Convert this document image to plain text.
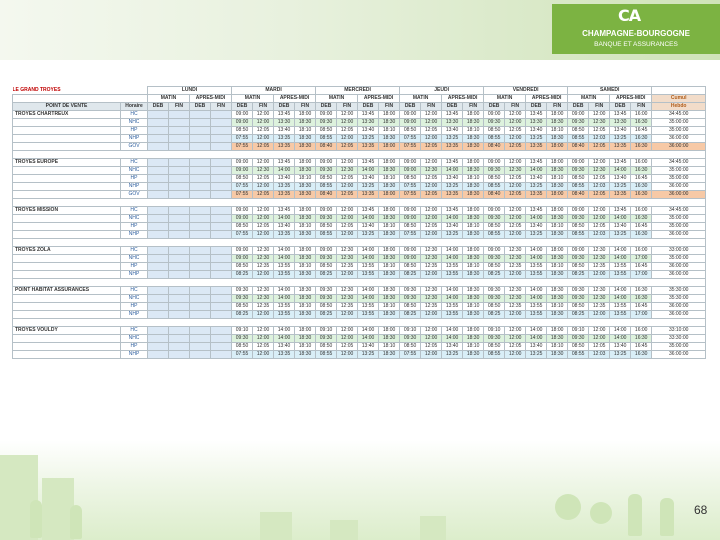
CA
CHAMPAGNE-BOURGOGNE
BANQUE ET ASSURANCES
68
LE GRAND TROYES		LUNDI				MARDI				MERCREDI				JEUDI				VENDREDI				SAMEDI				
		MATIN		APRES-MIDI		MATIN		APRES-MIDI		MATIN		APRES-MIDI		MATIN		APRES-MIDI		MATIN		APRES-MIDI		MATIN		APRES-MIDI		Cumul
POINT DE VENTE	Horaire	DEB	FIN	DEB	FIN	DEB	FIN	DEB	FIN	DEB	FIN	DEB	FIN	DEB	FIN	DEB	FIN	DEB	FIN	DEB	FIN	DEB	FIN	DEB	FIN	Hebdo
TROYES CHARTREUX	HC					09:00	12:00	13:45	18:00	09:00	12:00	13:45	18:00	09:00	12:00	13:45	18:00	09:00	12:00	13:45	18:00	09:00	12:00	13:45	16:00	34:45:00
	NHC					09:00	12:00	13:30	18:30	09:30	12:00	13:30	18:30	09:00	12:00	13:30	18:30	09:30	12:00	13:30	18:30	09:30	12:30	13:30	16:30	35:00:00
	HP					08:50	12:05	13:40	18:10	08:50	12:05	13:40	18:10	08:50	12:05	13:40	18:10	08:50	12:05	13:40	18:10	08:50	12:05	13:40	16:45	35:00:00
	NHP					07:55	12:00	13:35	18:30	08:55	12:00	13:25	18:30	07:55	12:00	13:25	18:30	08:55	12:00	13:25	18:30	08:55	12:03	13:25	16:30	36:00:00
	GOV					07:55	12:05	13:35	18:30	08:40	12:05	13:35	18:00	07:55	12:05	13:35	18:30	08:40	12:05	13:35	18:00	08:40	12:05	13:35	16:30	36:00:00

TROYES EUROPE	HC					09:00	12:00	13:45	18:00	09:00	12:00	13:45	18:00	09:00	12:00	13:45	18:00	09:00	12:00	13:45	18:00	09:00	12:00	13:45	16:00	34:45:00
	NHC					09:00	12:30	14:00	18:30	09:30	12:30	14:00	18:30	09:00	12:30	14:00	18:30	09:30	12:30	14:00	18:30	09:30	12:30	14:00	16:30	35:00:00
	HP					08:50	12:05	13:40	18:10	08:50	12:05	13:40	18:10	08:50	12:05	13:40	18:10	08:50	12:05	13:40	18:10	08:50	12:05	13:40	16:45	35:00:00
	NHP					07:55	12:00	13:35	18:30	08:55	12:00	13:25	18:30	07:55	12:00	13:25	18:30	08:55	12:00	13:25	18:30	08:55	12:03	13:25	16:30	36:00:00
	GOV					07:55	12:05	13:35	18:30	08:40	12:05	13:35	18:00	07:55	12:05	13:35	18:30	08:40	12:05	13:35	18:00	08:40	12:05	13:35	16:30	36:00:00

TROYES MISSION	HC					09:00	12:00	13:45	18:00	09:00	12:00	13:45	18:00	09:00	12:00	13:45	18:00	09:00	12:00	13:45	18:00	09:00	12:00	13:45	16:00	34:45:00
	NHC					09:00	12:00	14:00	18:30	09:30	12:00	14:00	18:30	09:00	12:00	14:00	18:30	09:30	12:00	14:00	18:30	09:30	12:00	14:00	16:30	35:00:00
	HP					08:50	12:05	13:40	18:10	08:50	12:05	13:40	18:10	08:50	12:05	13:40	18:10	08:50	12:05	13:40	18:10	08:50	12:05	13:40	16:45	35:00:00
	NHP					07:55	12:00	13:35	18:30	08:55	12:00	13:25	18:30	07:55	12:00	13:25	18:30	08:55	12:00	13:25	18:30	08:55	12:03	13:25	16:30	36:00:00

TROYES ZOLA	HC					09:00	12:30	14:00	18:00	09:00	12:30	14:00	18:00	09:00	12:30	14:00	18:00	09:00	12:30	14:00	18:00	09:00	12:30	14:00	16:00	33:00:00
	NHC					09:00	12:30	14:00	18:30	09:30	12:30	14:00	18:30	09:00	12:30	14:00	18:30	09:30	12:30	14:00	18:30	09:30	12:30	14:00	17:00	35:00:00
	HP					08:50	12:35	13:55	18:10	08:50	12:35	13:55	18:10	08:50	12:35	13:55	18:10	08:50	12:35	13:55	18:10	08:50	12:35	13:55	16:45	36:00:00
	NHP					08:25	12:00	13:55	18:30	08:25	12:00	13:55	18:30	08:25	12:00	13:55	18:30	08:25	12:00	13:55	18:30	08:25	12:00	13:55	17:00	36:00:00

POINT HABITAT ASSURANCES	HC					09:30	12:30	14:00	18:30	09:30	12:30	14:00	18:30	09:30	12:30	14:00	18:30	09:30	12:30	14:00	18:30	09:30	12:30	14:00	16:30	35:30:00
	NHC					09:30	12:30	14:00	18:30	09:30	12:30	14:00	18:30	09:30	12:30	14:00	18:30	09:30	12:30	14:00	18:30	09:30	12:30	14:00	16:30	35:30:00
	HP					08:50	12:35	13:55	18:10	08:50	12:35	13:55	18:10	08:50	12:35	13:55	18:10	08:50	12:35	13:55	18:10	08:50	12:35	13:55	16:45	36:00:00
	NHP					08:25	12:00	13:55	18:30	08:25	12:00	13:55	18:30	08:25	12:00	13:55	18:30	08:25	12:00	13:55	18:30	08:25	12:00	13:55	17:00	36:00:00

TROYES VOULDY	HC					09:10	12:00	14:00	18:00	09:10	12:00	14:00	18:00	09:10	12:00	14:00	18:00	09:10	12:00	14:00	18:00	09:10	12:00	14:00	16:00	33:10:00
	NHC					09:30	12:00	14:00	18:30	09:30	12:00	14:00	18:30	09:30	12:00	14:00	18:30	09:30	12:00	14:00	18:30	09:30	12:00	14:00	16:30	33:30:00
	HP					08:50	12:05	13:40	18:10	08:50	12:05	13:40	18:10	08:50	12:05	13:40	18:10	08:50	12:05	13:40	18:10	08:50	12:05	13:40	16:45	35:00:00
	NHP					07:55	12:00	13:35	18:30	08:55	12:00	13:25	18:30	07:55	12:00	13:25	18:30	08:55	12:00	13:25	18:30	08:55	12:03	13:25	16:30	36:00:00
